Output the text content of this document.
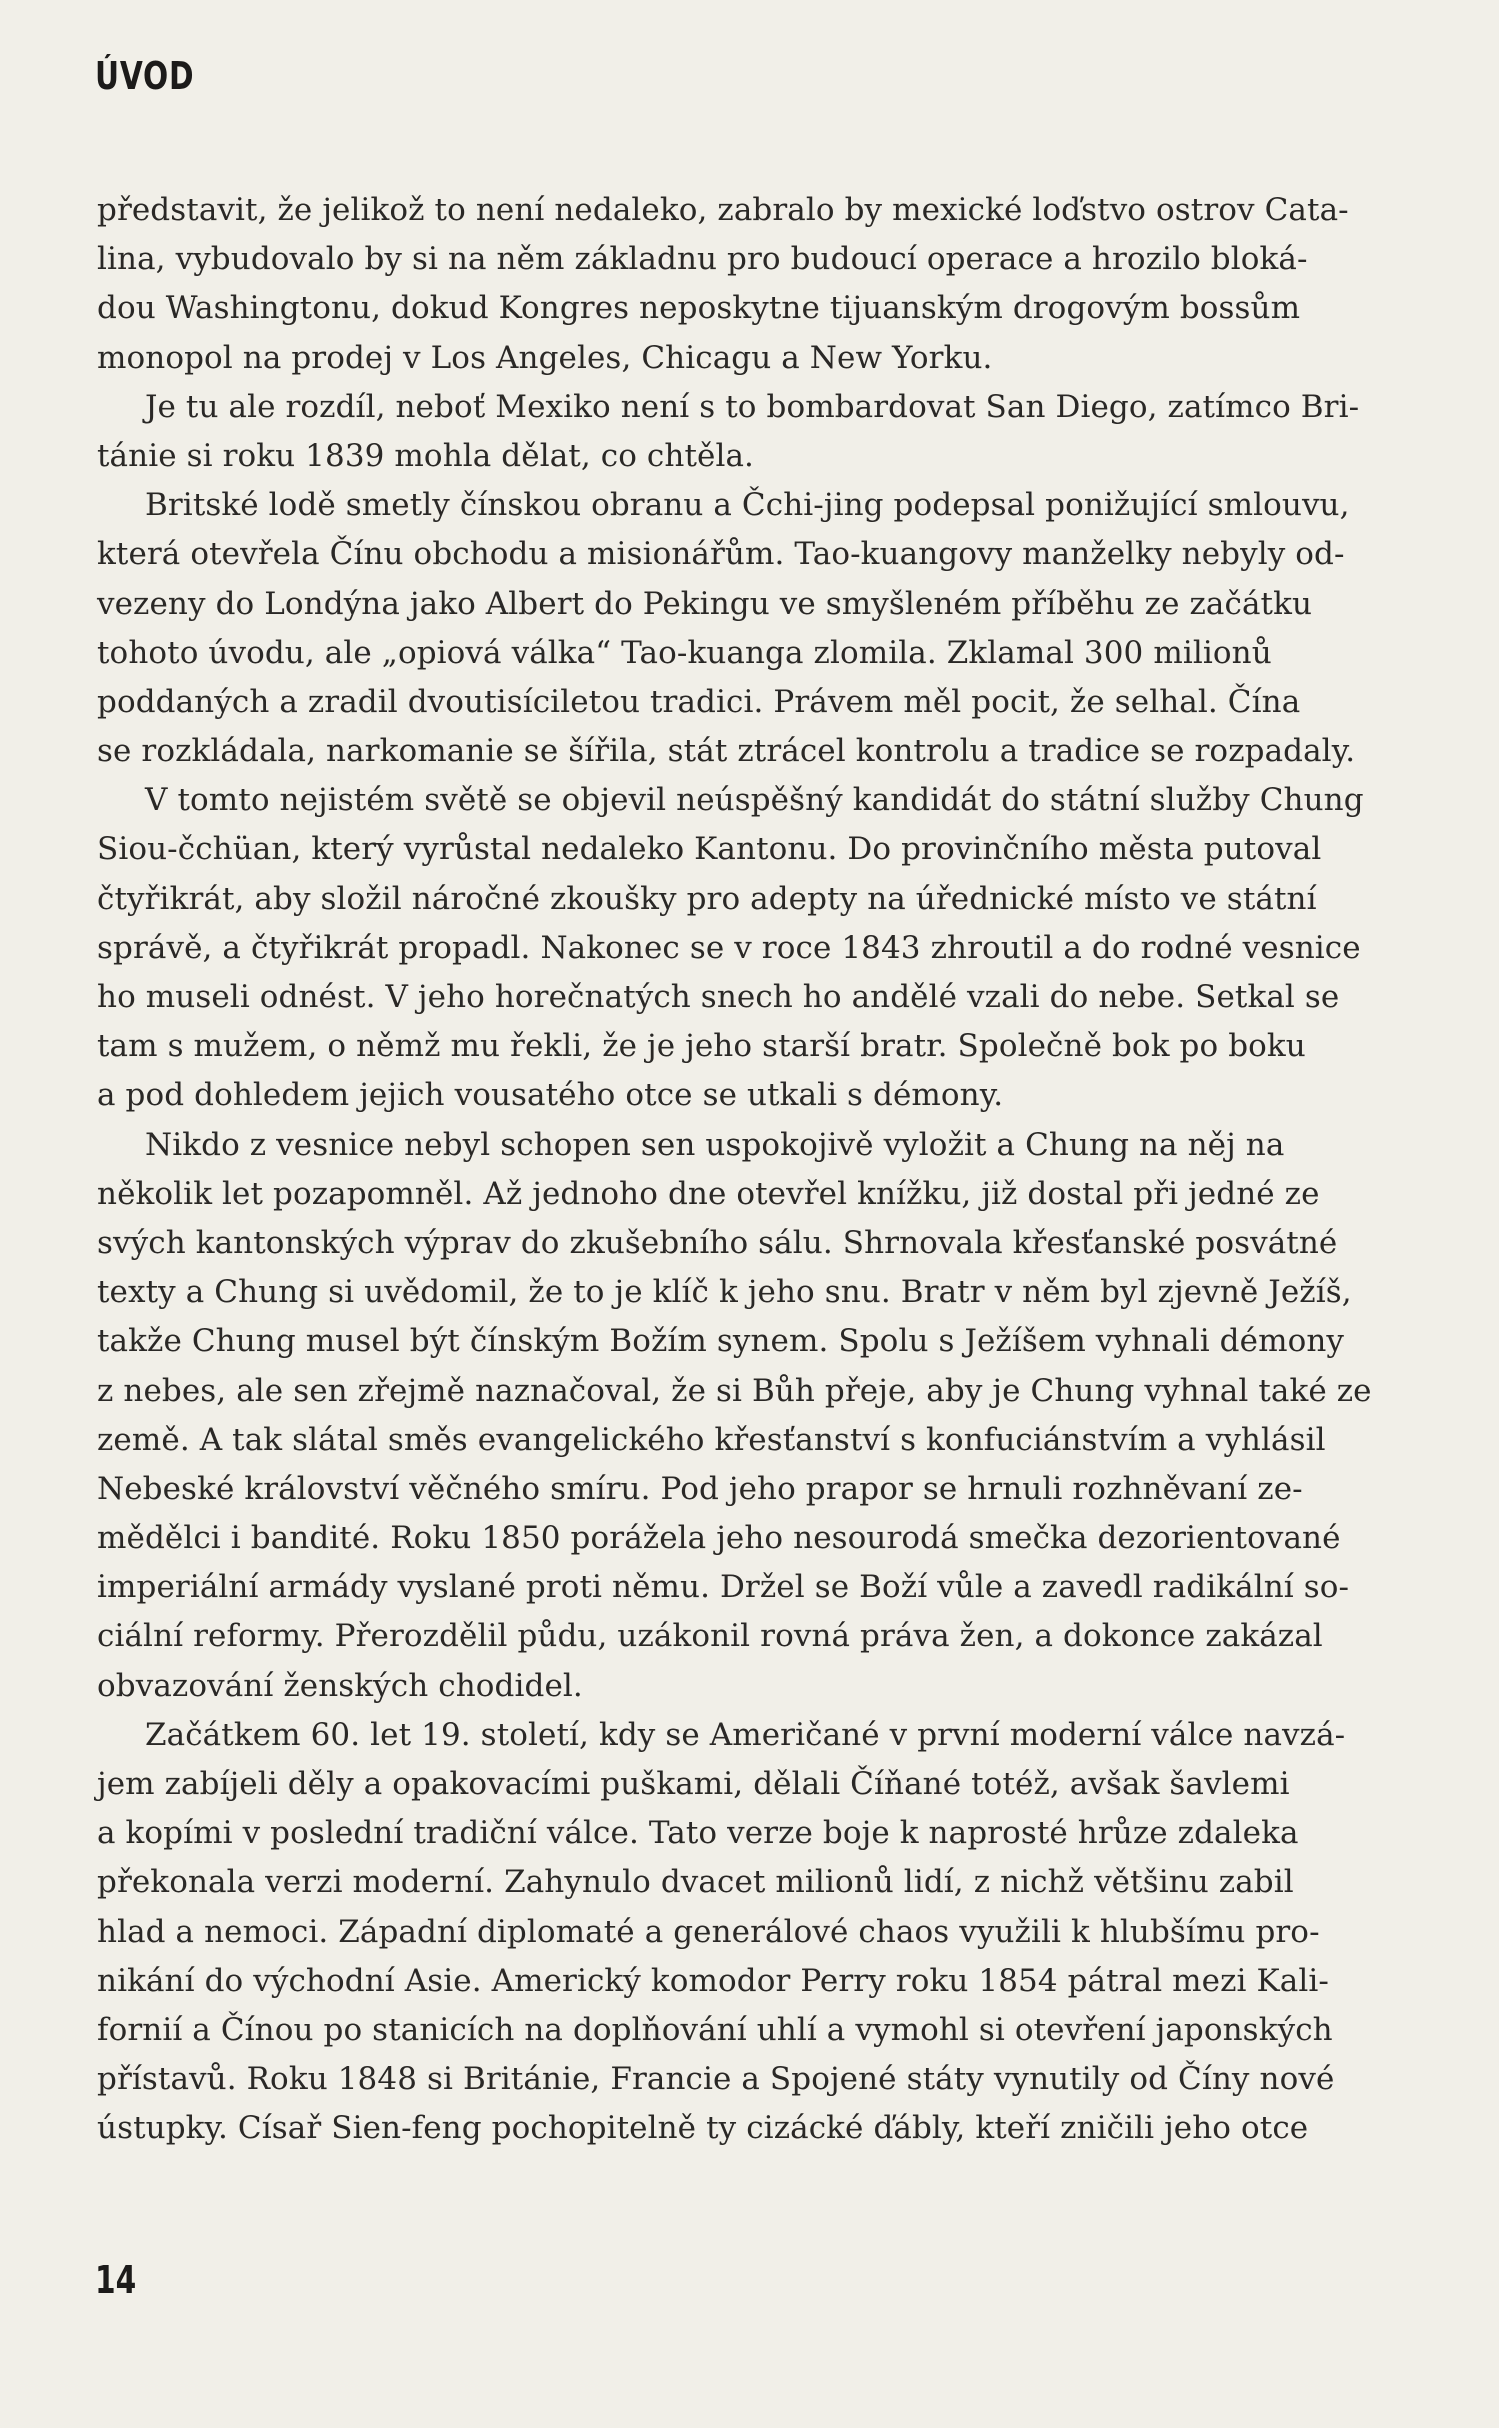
ÚVOD
představit, že jelikož to není nedaleko, zabralo by mexické loďstvo ostrov Cata-
lina, vybudovalo by si na něm základnu pro budoucí operace a hrozilo bloká-
dou Washingtonu, dokud Kongres neposkytne tijuanským drogovým bossům
monopol na prodej v Los Angeles, Chicagu a New Yorku.
Je tu ale rozdíl, neboť Mexiko není s to bombardovat San Diego, zatímco Bri-
tánie si roku 1839 mohla dělat, co chtěla.
Britské lodě smetly čínskou obranu a Čchi-jing podepsal ponižující smlouvu,
která otevřela Čínu obchodu a misionářům. Tao-kuangovy manželky nebyly od-
vezeny do Londýna jako Albert do Pekingu ve smyšleném příběhu ze začátku
tohoto úvodu, ale „opiová válka“ Tao-kuanga zlomila. Zklamal 300 milionů
poddaných a zradil dvoutisíciletou tradici. Právem měl pocit, že selhal. Čína
se rozkládala, narkomanie se šířila, stát ztrácel kontrolu a tradice se rozpadaly.
V tomto nejistém světě se objevil neúspěšný kandidát do státní služby Chung
Siou-čchüan, který vyrůstal nedaleko Kantonu. Do provinčního města putoval
čtyřikrát, aby složil náročné zkoušky pro adepty na úřednické místo ve státní
správě, a čtyřikrát propadl. Nakonec se v roce 1843 zhroutil a do rodné vesnice
ho museli odnést. V jeho horečnatých snech ho andělé vzali do nebe. Setkal se
tam s mužem, o němž mu řekli, že je jeho starší bratr. Společně bok po boku
a pod dohledem jejich vousatého otce se utkali s démony.
Nikdo z vesnice nebyl schopen sen uspokojivě vyložit a Chung na něj na
několik let pozapomněl. Až jednoho dne otevřel knížku, již dostal při jedné ze
svých kantonských výprav do zkušebního sálu. Shrnovala křesťanské posvátné
texty a Chung si uvědomil, že to je klíč k jeho snu. Bratr v něm byl zjevně Ježíš,
takže Chung musel být čínským Božím synem. Spolu s Ježíšem vyhnali démony
z nebes, ale sen zřejmě naznačoval, že si Bůh přeje, aby je Chung vyhnal také ze
země. A tak slátal směs evangelického křesťanství s konfuciánstvím a vyhlásil
Nebeské království věčného smíru. Pod jeho prapor se hrnuli rozhněvaní ze-
mědělci i bandité. Roku 1850 porážela jeho nesourodá smečka dezorientované
imperiální armády vyslané proti němu. Držel se Boží vůle a zavedl radikální so-
ciální reformy. Přerozdělil půdu, uzákonil rovná práva žen, a dokonce zakázal
obvazování ženských chodidel.
Začátkem 60. let 19. století, kdy se Američané v první moderní válce navzá-
jem zabíjeli děly a opakovacími puškami, dělali Číňané totéž, avšak šavlemi
a kopími v poslední tradiční válce. Tato verze boje k naprosté hrůze zdaleka
překonala verzi moderní. Zahynulo dvacet milionů lidí, z nichž většinu zabil
hlad a nemoci. Západní diplomaté a generálové chaos využili k hlubšímu pro-
nikání do východní Asie. Americký komodor Perry roku 1854 pátral mezi Kali-
fornií a Čínou po stanicích na doplňování uhlí a vymohl si otevření japonských
přístavů. Roku 1848 si Británie, Francie a Spojené státy vynutily od Číny nové
ústupky. Císař Sien-feng pochopitelně ty cizácké ďábly, kteří zničili jeho otce
14
